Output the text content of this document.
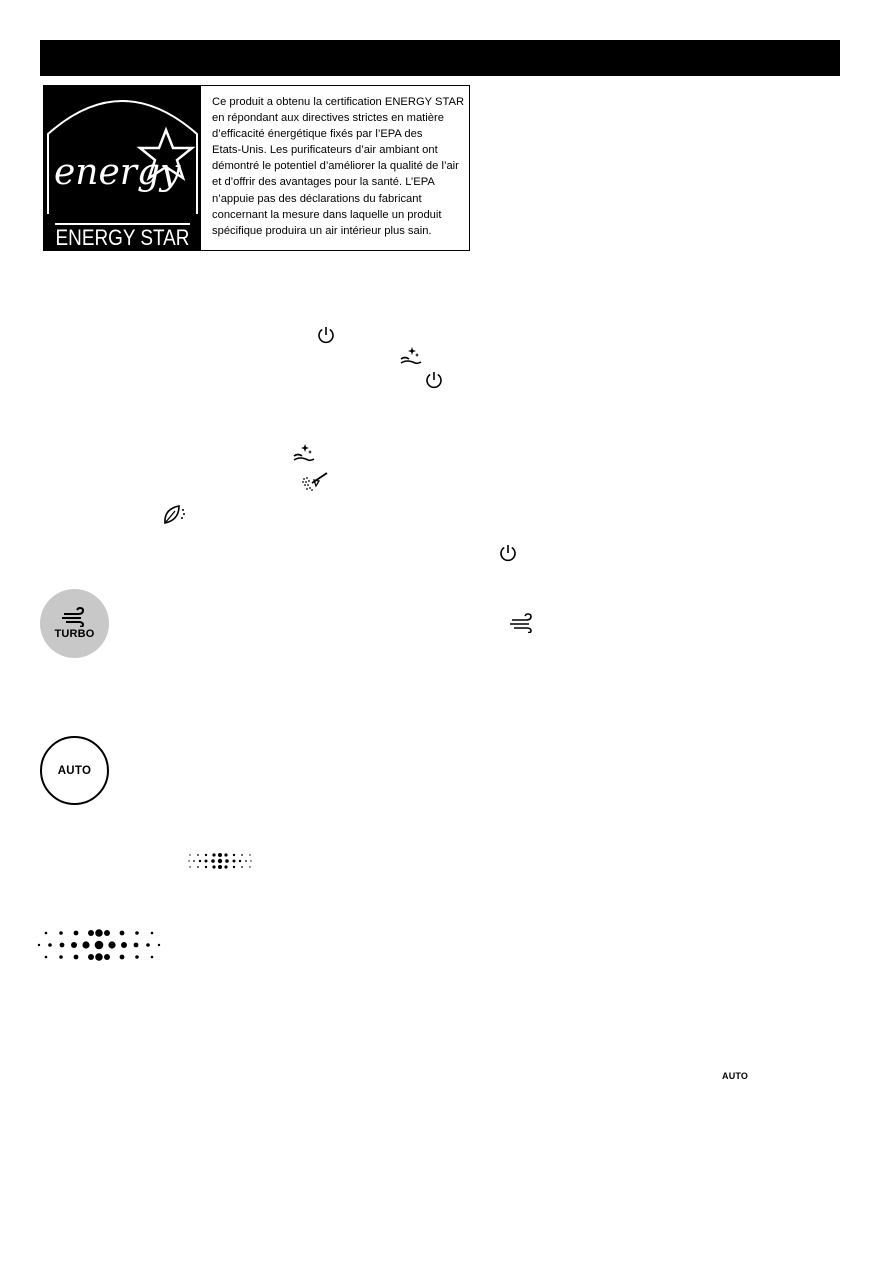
energy
ENERGY STAR
Ce produit a obtenu la certification ENERGY STAR
en répondant aux directives strictes en matière
d’efficacité énergétique fixés par l’EPA des
Etats-Unis. Les purificateurs d’air ambiant ont
démontré le potentiel d’améliorer la qualité de l’air
et d’offrir des avantages pour la santé. L’EPA
n’appuie pas des déclarations du fabricant
concernant la mesure dans laquelle un produit
spécifique produira un air intérieur plus sain.
TURBO
AUTO
AUTO
